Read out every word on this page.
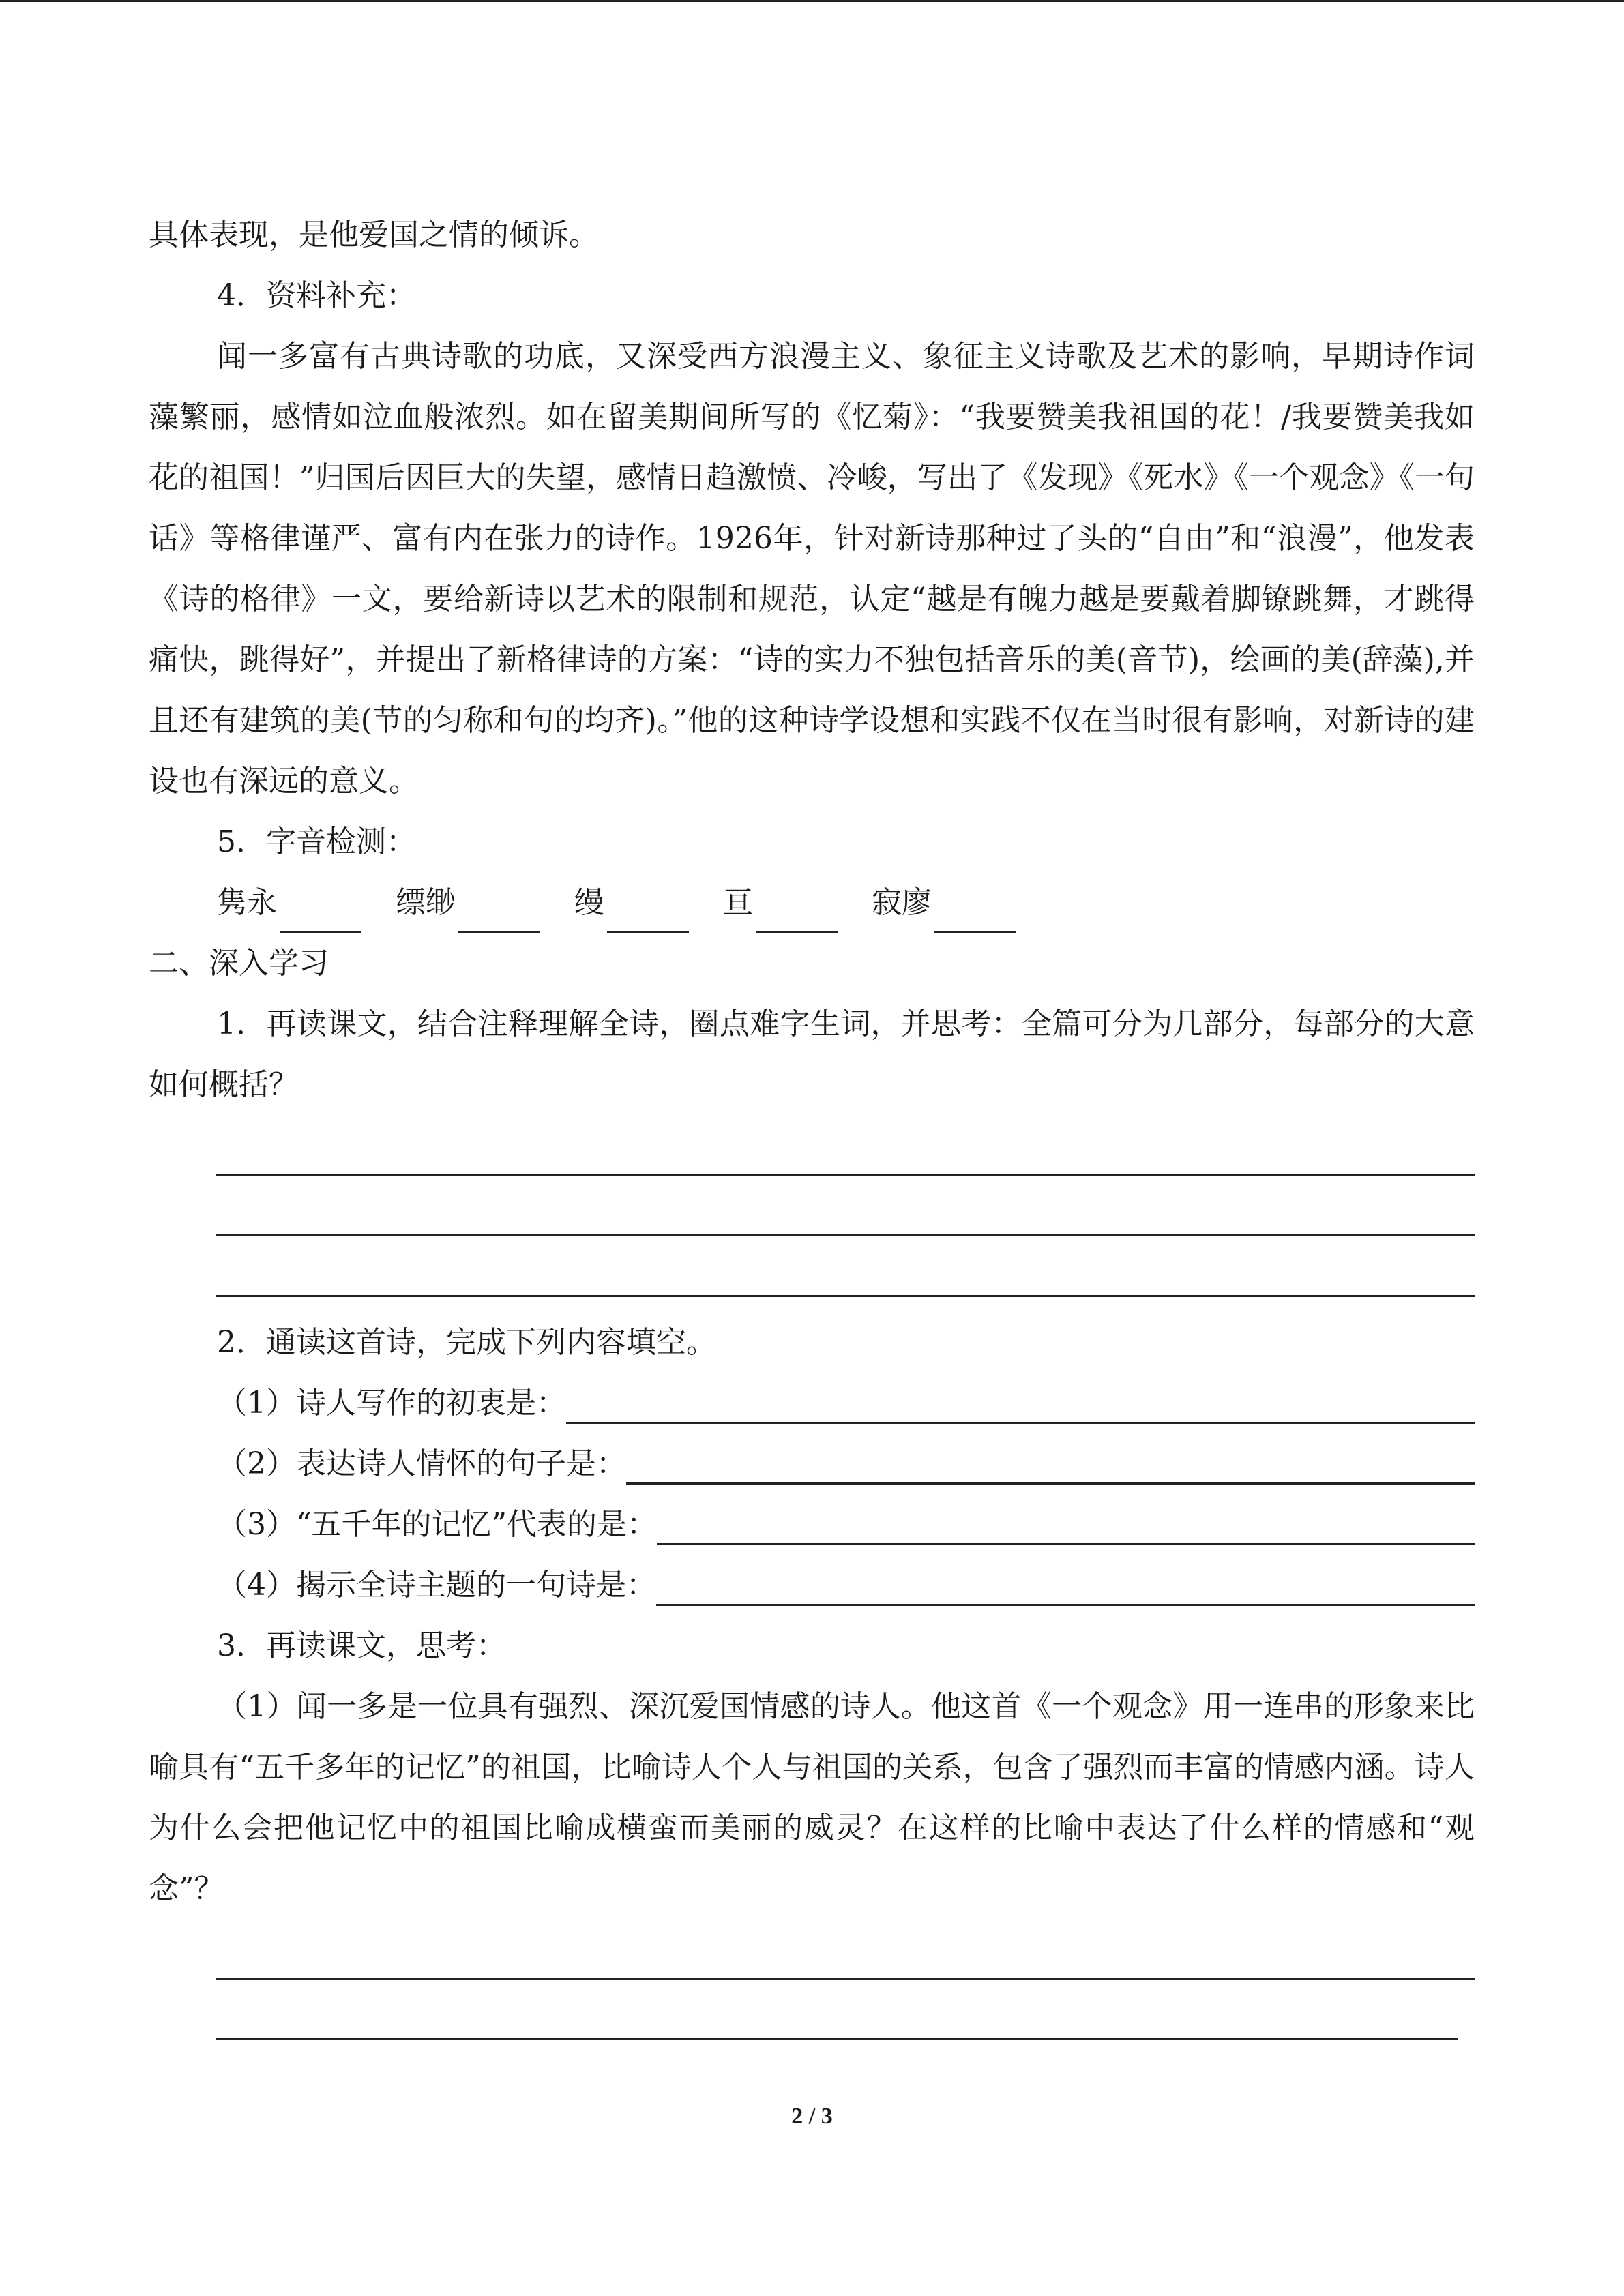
具体表现，是他爱国之情的倾诉。

4．资料补充：

闻一多富有古典诗歌的功底，又深受西方浪漫主义、象征主义诗歌及艺术的影响，早期诗作词藻繁丽，感情如泣血般浓烈。如在留美期间所写的《忆菊》：“我要赞美我祖国的花！/我要赞美我如花的祖国！”归国后因巨大的失望，感情日趋激愤、冷峻，写出了《发现》《死水》《一个观念》《一句话》等格律谨严、富有内在张力的诗作。1926年，针对新诗那种过了头的“自由”和“浪漫”，他发表《诗的格律》一文，要给新诗以艺术的限制和规范，认定“越是有魄力越是要戴着脚镣跳舞，才跳得痛快，跳得好”，并提出了新格律诗的方案：“诗的实力不独包括音乐的美(音节)，绘画的美(辞藻),并且还有建筑的美(节的匀称和句的均齐)。”他的这种诗学设想和实践不仅在当时很有影响，对新诗的建设也有深远的意义。

5．字音检测：

隽永	缥缈	缦	亘	寂廖

二、深入学习

1．再读课文，结合注释理解全诗，圈点难字生词，并思考：全篇可分为几部分，每部分的大意如何概括？

2．通读这首诗，完成下列内容填空。

（1）诗人写作的初衷是：
（2）表达诗人情怀的句子是：
（3）“五千年的记忆”代表的是：
（4）揭示全诗主题的一句诗是：

3．再读课文，思考：

（1）闻一多是一位具有强烈、深沉爱国情感的诗人。他这首《一个观念》用一连串的形象来比喻具有“五千多年的记忆”的祖国，比喻诗人个人与祖国的关系，包含了强烈而丰富的情感内涵。诗人为什么会把他记忆中的祖国比喻成横蛮而美丽的威灵？在这样的比喻中表达了什么样的情感和“观念”？

2 / 3
